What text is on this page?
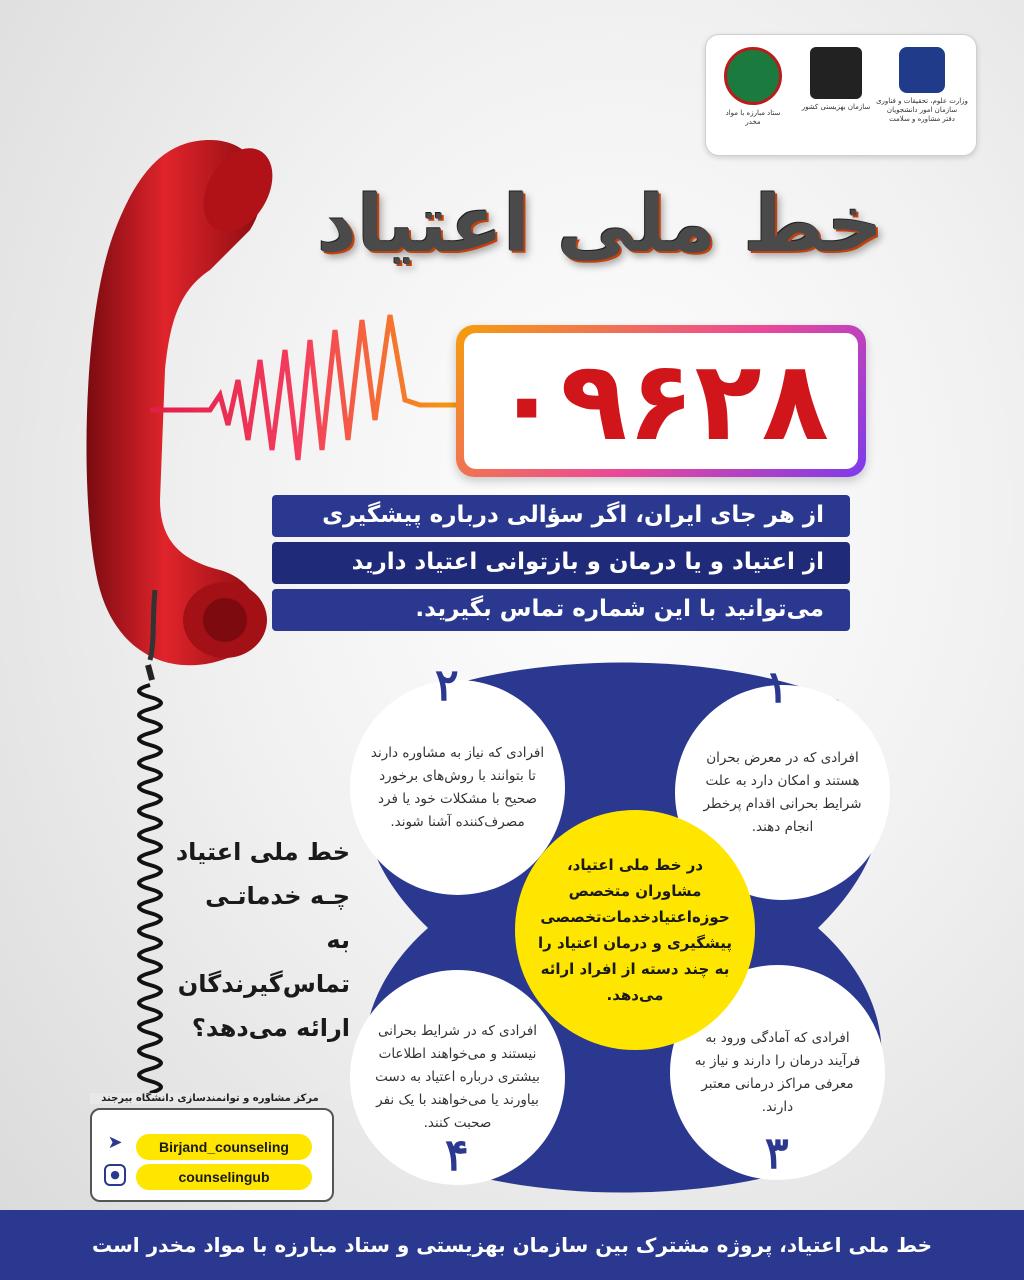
ستاد مبارزه با مواد مخدر
سازمان بهزیستی کشور
وزارت علوم، تحقیقات و فناوری
سازمان امور دانشجویان
دفتر مشاوره و سلامت
خط ملی اعتیاد
۰۹۶۲۸
از هر جای ایران، اگر سؤالی درباره پیشگیری
از اعتیاد و یا درمان و بازتوانی اعتیاد دارید
می‌توانید با این شماره تماس بگیرید.
افرادی که در معرض بحران هستند و امکان دارد به علت شرایط بحرانی اقدام پرخطر انجام دهند.
۱
افرادی که نیاز به مشاوره دارند تا بتوانند با روش‌های برخورد صحیح با مشکلات خود یا فرد مصرف‌کننده آشنا شوند.
۲
افرادی که آمادگی ورود به فرآیند درمان را دارند و نیاز به معرفی مراکز درمانی معتبر دارند.
۳
افرادی که در شرایط بحرانی نیستند و می‌خواهند اطلاعات بیشتری درباره اعتیاد به دست بیاورند یا می‌خواهند با یک نفر صحبت کنند.
۴
در خط ملی اعتیاد، مشاوران متخصص حوزه‌اعتیادخدمات‌تخصصی پیشگیری و درمان اعتیاد را به چند دسته از افراد ارائه می‌دهد.
خط ملی اعتیاد
چـه خدماتـی
به تماس‌گیرندگان
ارائه می‌دهد؟
➤	Birjand_counseling
●	counselingub
مرکز مشاوره و توانمندسازی دانشگاه بیرجند
خط ملی اعتیاد، پروژه مشترک بین سازمان بهزیستی و ستاد مبارزه با مواد مخدر است
